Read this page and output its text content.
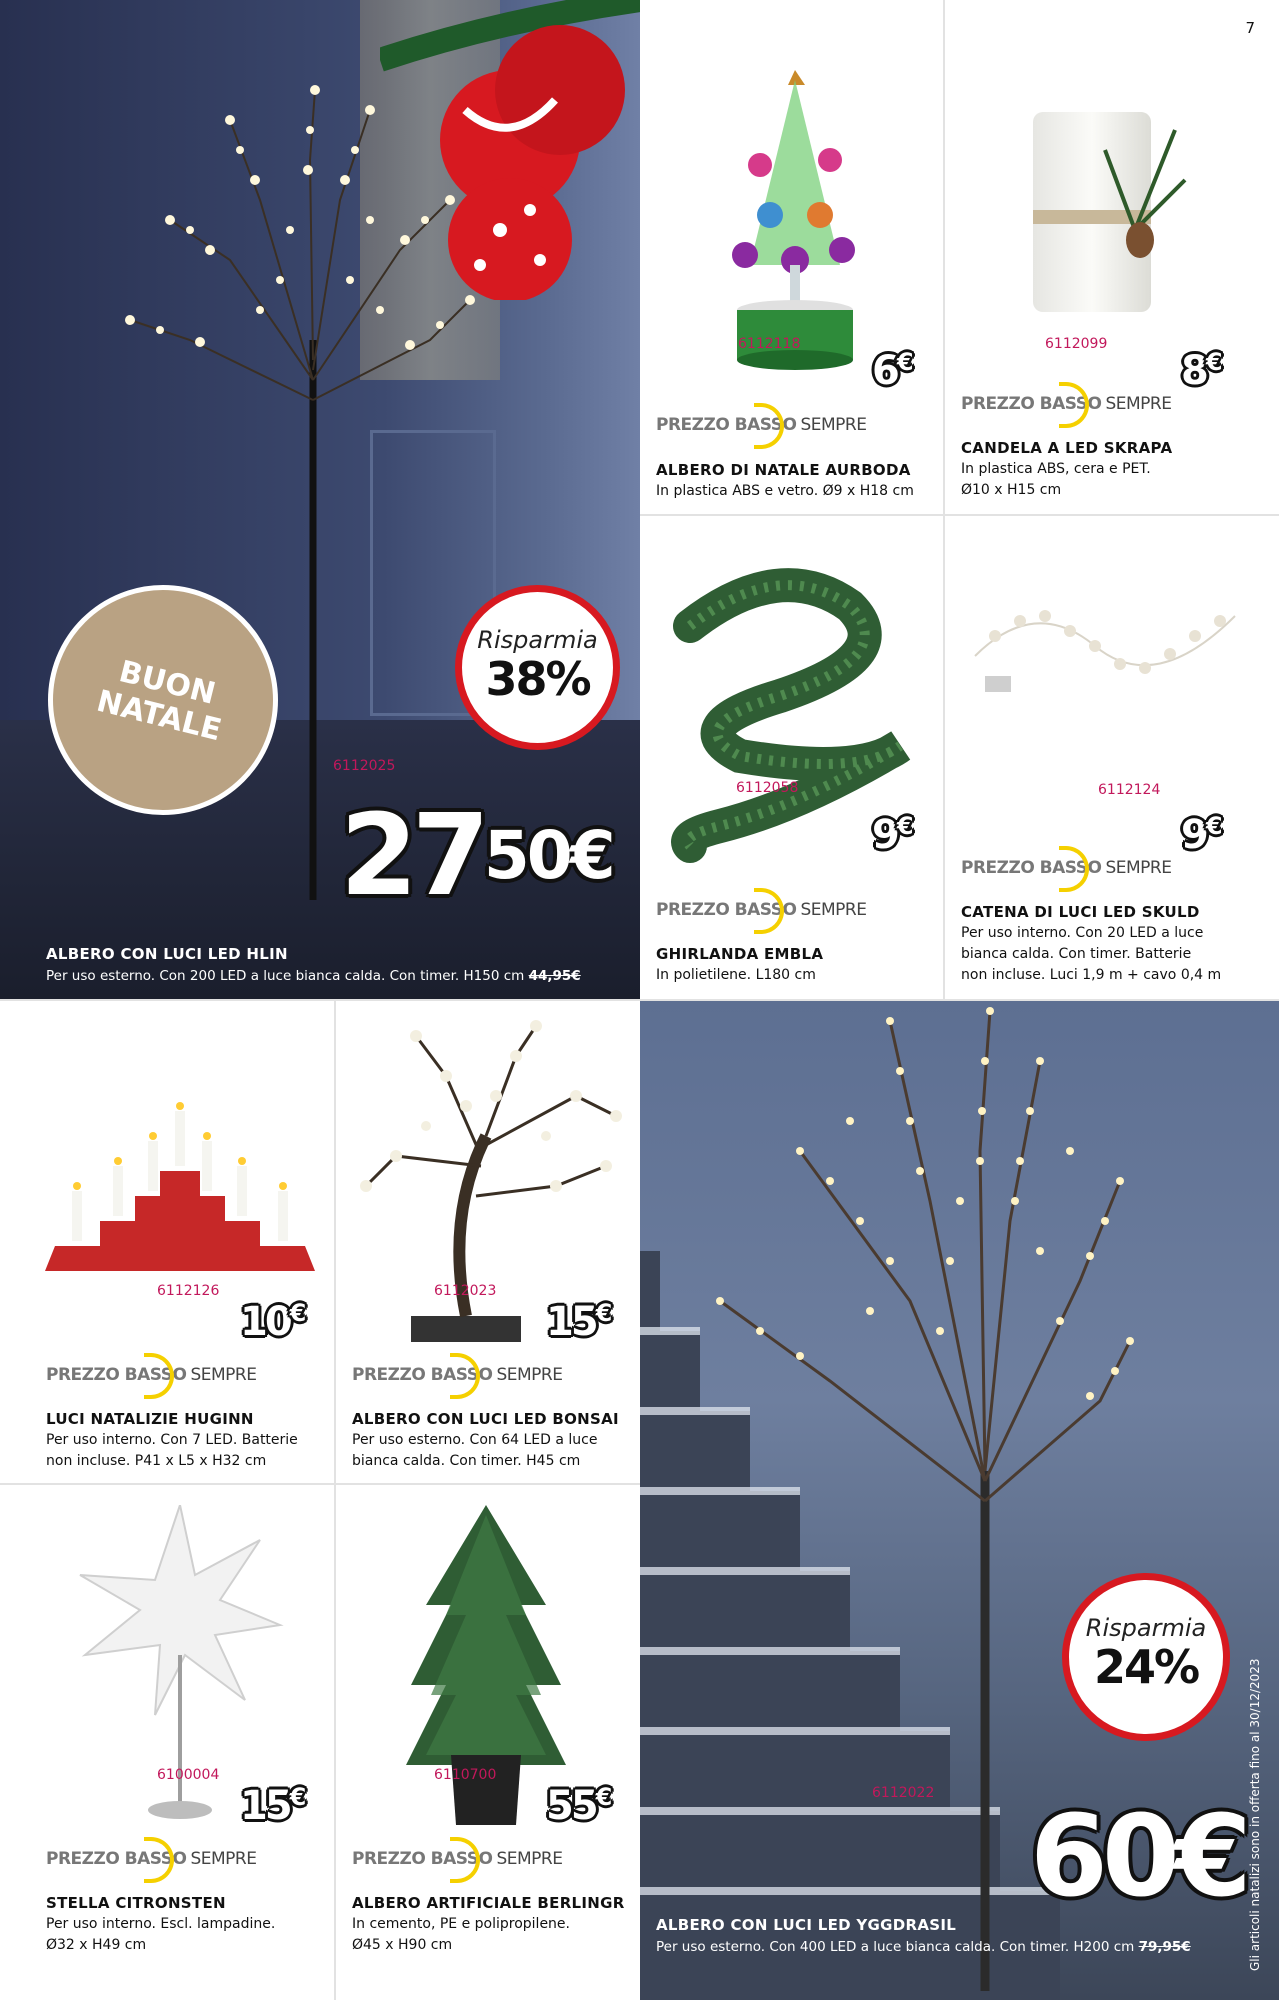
BUON NATALE
6112025
Risparmia
38%
$27^{50€}$
ALBERO CON LUCI LED HLIN
Per uso esterno. Con 200 LED a luce bianca calda. Con timer. H150 cm 44,95€
6112118
6€
PREZZO BASSO SEMPRE
ALBERO DI NATALE AURBODA
In plastica ABS e vetro. Ø9 x H18 cm
7
6112099
8€
PREZZO BASSO SEMPRE
CANDELA A LED SKRAPA
In plastica ABS, cera e PET.
Ø10 x H15 cm
6112058
9€
PREZZO BASSO SEMPRE
GHIRLANDA EMBLA
In polietilene. L180 cm
6112124
9€
PREZZO BASSO SEMPRE
CATENA DI LUCI LED SKULD
Per uso interno. Con 20 LED a luce
bianca calda. Con timer. Batterie
non incluse. Luci 1,9 m + cavo 0,4 m
6112126
10€
PREZZO BASSO SEMPRE
LUCI NATALIZIE HUGINN
Per uso interno. Con 7 LED. Batterie
non incluse. P41 x L5 x H32 cm
6112023
15€
PREZZO BASSO SEMPRE
ALBERO CON LUCI LED BONSAI
Per uso esterno. Con 64 LED a luce
bianca calda. Con timer. H45 cm
6100004
15€
PREZZO BASSO SEMPRE
STELLA CITRONSTEN
Per uso interno. Escl. lampadine.
Ø32 x H49 cm
6110700
55€
PREZZO BASSO SEMPRE
ALBERO ARTIFICIALE BERLINGR
In cemento, PE e polipropilene.
Ø45 x H90 cm
6112022
Risparmia
24%
60€
ALBERO CON LUCI LED YGGDRASIL
Per uso esterno. Con 400 LED a luce bianca calda. Con timer. H200 cm 79,95€	Gli articoli natalizi sono in offerta fino al 30/12/2023
